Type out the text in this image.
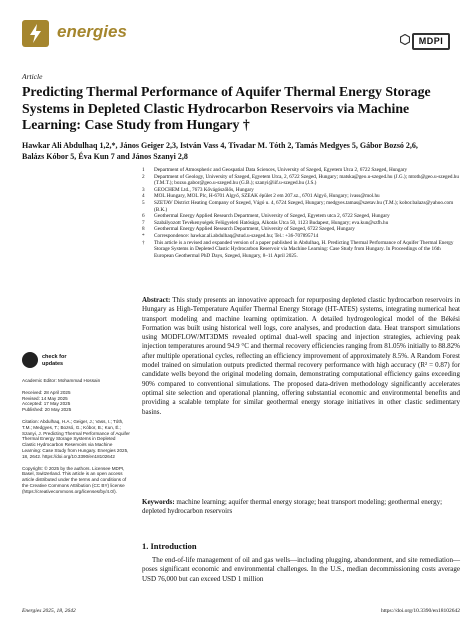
energies	MDPI
Article
Predicting Thermal Performance of Aquifer Thermal Energy Storage Systems in Depleted Clastic Hydrocarbon Reservoirs via Machine Learning: Case Study from Hungary †
Hawkar Ali Abdulhaq 1,2,*, János Geiger 2,3, István Vass 4, Tivadar M. Tóth 2, Tamás Medgyes 5, Gábor Bozsó 2,6, Balázs Kóbor 5, Éva Kun 7 and János Szanyi 2,8
1	Department of Atmospheric and Geospatial Data Sciences, University of Szeged, Egyetem Utca 2, 6722 Szeged, Hungary
2	Department of Geology, University of Szeged, Egyetem Utca, 2, 6722 Szeged, Hungary; matska@geo.u-szeged.hu (J.G.); mtoth@geo.u-szeged.hu (T.M.T.); bozso.gabor@geo.u-szeged.hu (G.B.); szanyi@iif.u-szeged.hu (J.S.)
3	GEOCHEM Ltd., 7673 Kővágószőlős, Hungary
4	MOL Hungary, MOL Plc, H-6701 Algyő, SZEAK épület 2 em 207.sz., 6701 Algyő, Hungary; ivass@mol.hu
5	SZETAV District Heating Company of Szeged, Vágó u. 4, 6724 Szeged, Hungary; medgyes.tamas@szetav.hu (T.M.); kobor.balazs@yahoo.com (B.K.)
6	Geothermal Energy Applied Research Department, University of Szeged, Egyetem utca 2, 6722 Szeged, Hungary
7	Szabályozott Tevékenységek Felügyeleti Hatósága, Alkotás Utca 50, 1123 Budapest, Hungary; eva.kun@szfh.hu
8	Geothermal Energy Applied Research Department, University of Szeged, 6722 Szeged, Hungary
*	Correspondence: hawkar.ali.abdulhaq@stud.u-szeged.hu; Tel.: +36-707895714
†	This article is a revised and expanded version of a paper published in Abdulhaq, H. Predicting Thermal Performance of Aquifer Thermal Energy Storage Systems in Depleted Clastic Hydrocarbon Reservoir via Machine Learning: Case Study from Hungary. In Proceedings of the 16th European Geothermal PhD Days, Szeged, Hungary, 8–11 April 2025.
check for updates
Academic Editor: Mohammad Hossain
Received: 28 April 2025
Revised: 14 May 2025
Accepted: 17 May 2025
Published: 20 May 2025
Citation: Abdulhaq, H.A.; Geiger, J.; Vass, I.; Tóth, T.M.; Medgyes, T.; Bozsó, G.; Kóbor, B.; Kun, É.; Szanyi, J. Predicting Thermal Performance of Aquifer Thermal Energy Storage Systems in Depleted Clastic Hydrocarbon Reservoirs via Machine Learning: Case Study from Hungary. Energies 2025, 18, 2642. https://doi.org/10.3390/en18102642
Copyright: © 2025 by the authors. Licensee MDPI, Basel, Switzerland. This article is an open access article distributed under the terms and conditions of the Creative Commons Attribution (CC BY) license (https://creativecommons.org/licenses/by/4.0/).
Abstract: This study presents an innovative approach for repurposing depleted clastic hydrocarbon reservoirs in Hungary as High-Temperature Aquifer Thermal Energy Storage (HT-ATES) systems, integrating numerical heat transport modeling and machine learning optimization. A detailed hydrogeological model of the Békési Formation was built using historical well logs, core analyses, and production data. Heat transport simulations using MODFLOW/MT3DMS revealed optimal dual-well spacing and injection strategies, achieving peak injection temperatures around 94.9 °C and thermal recovery efficiencies ranging from 81.05% initially to 88.82% after multiple operational cycles, reflecting an efficiency improvement of approximately 8.5%. A Random Forest model trained on simulation outputs predicted thermal recovery performance with high accuracy (R² = 0.87) for candidate wells beyond the original modeling domain, demonstrating computational efficiency gains exceeding 90% compared to conventional simulations. The proposed data-driven methodology significantly accelerates optimal site selection and operational planning, offering substantial economic and environmental benefits and providing a scalable template for similar geothermal energy storage initiatives in other clastic sedimentary basins.
Keywords: machine learning; aquifer thermal energy storage; heat transport modeling; geothermal energy; depleted hydrocarbon reservoirs
1. Introduction
The end-of-life management of oil and gas wells—including plugging, abandonment, and site remediation—poses significant economic and environmental challenges. In the U.S., median decommissioning costs average USD 76,000 but can exceed USD 1 million
Energies 2025, 18, 2642	https://doi.org/10.3390/en18102642
